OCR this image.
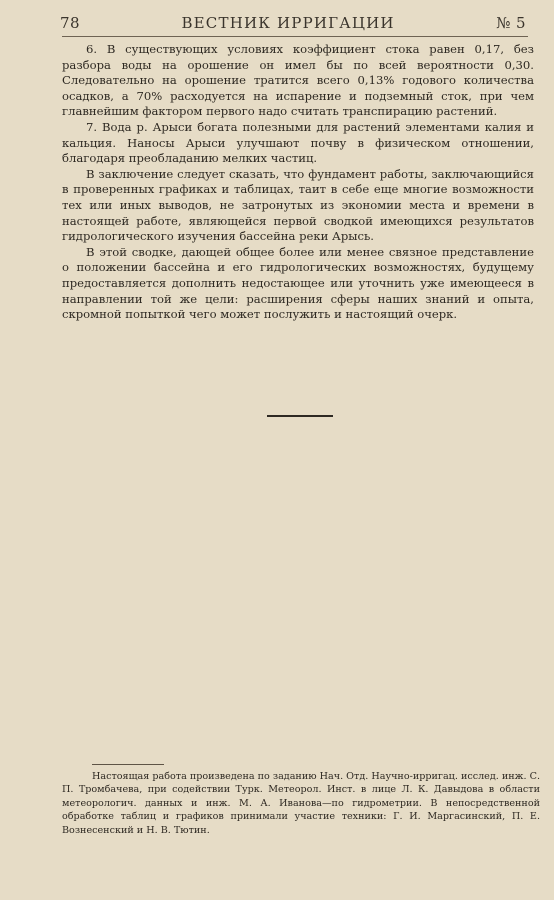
78	ВЕСТНИК ИРРИГАЦИИ	№ 5

6. В существующих условиях коэффициент стока равен 0,17, без разбора воды на орошение он имел бы по всей вероятности 0,30. Следовательно на орошение тратится всего 0,13% годового количества осадков, а 70% расходуется на испарение и подземный сток, при чем главнейшим фактором первого надо считать транспирацию растений.

7. Вода р. Арыси богата полезными для растений элементами калия и кальция. Наносы Арыси улучшают почву в физическом отношении, благодаря преобладанию мелких частиц.

В заключение следует сказать, что фундамент работы, заключающийся в проверенных графиках и таблицах, таит в себе еще многие возможности тех или иных выводов, не затронутых из экономии места и времени в настоящей работе, являющейся первой сводкой имеющихся результатов гидрологического изучения бассейна реки Арысь.

В этой сводке, дающей общее более или менее связное представление о положении бассейна и его гидрологических возможностях, будущему предоставляется дополнить недостающее или уточнить уже имеющееся в направлении той же цели: расширения сферы наших знаний и опыта, скромной попыткой чего может послужить и настоящий очерк.

Настоящая работа произведена по заданию Нач. Отд. Научно-ирригац. исслед. инж. С. П. Тромбачева, при содействии Турк. Метеорол. Инст. в лице Л. К. Давыдова в области метеорологич. данных и инж. М. А. Иванова—по гидрометрии. В непосредственной обработке таблиц и графиков принимали участие техники: Г. И. Маргасинский, П. Е. Вознесенский и Н. В. Тютин.
